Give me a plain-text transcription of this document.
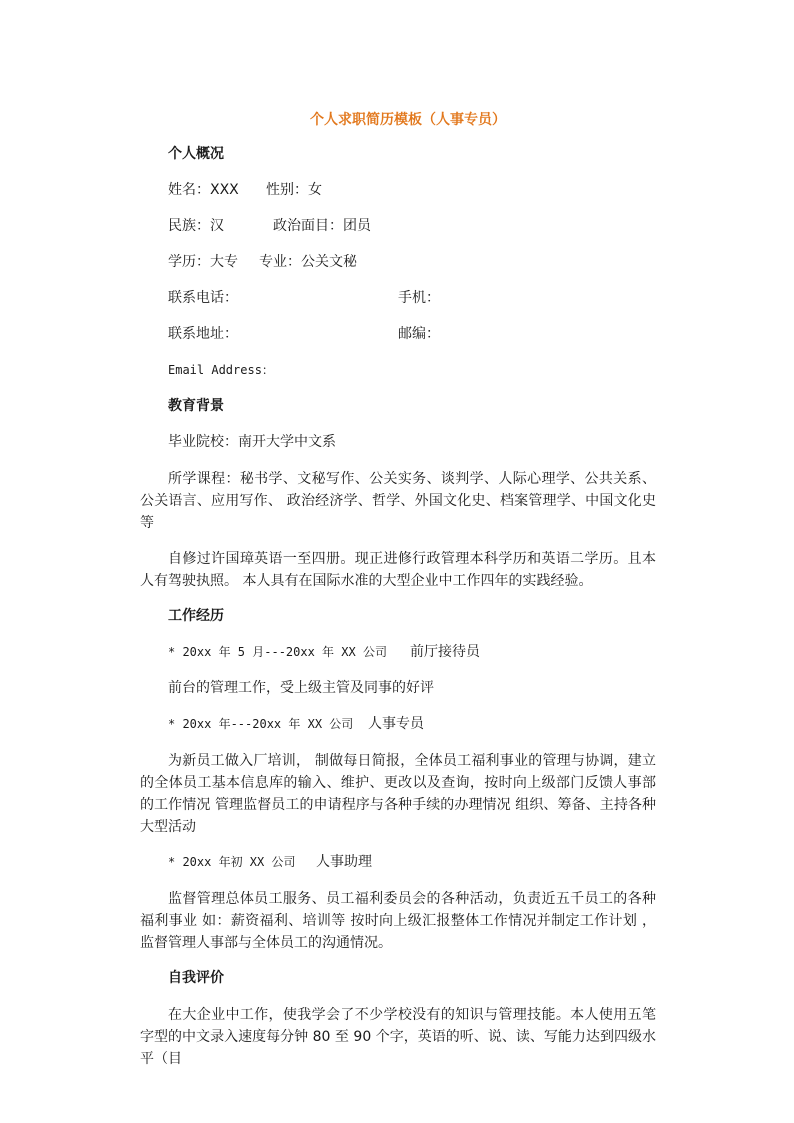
个人求职简历模板（人事专员）
个人概况
姓名：XXX 性别：女
民族：汉	政治面目：团员
学历：大专 专业：公关文秘
联系电话：	手机：
联系地址：	邮编：
Email Address：
教育背景
毕业院校：南开大学中文系
所学课程：秘书学、文秘写作、公关实务、谈判学、人际心理学、公共关系、公关语言、应用写作、 政治经济学、哲学、外国文化史、档案管理学、中国文化史等
自修过许国璋英语一至四册。现正进修行政管理本科学历和英语二学历。且本人有驾驶执照。 本人具有在国际水准的大型企业中工作四年的实践经验。
工作经历
* 20xx 年 5 月---20xx 年 XX 公司 前厅接待员
前台的管理工作，受上级主管及同事的好评
* 20xx 年---20xx 年 XX 公司 人事专员
为新员工做入厂培训， 制做每日简报，全体员工福利事业的管理与协调，建立的全体员工基本信息库的输入、维护、更改以及查询，按时向上级部门反馈人事部的工作情况 管理监督员工的申请程序与各种手续的办理情况 组织、筹备、主持各种大型活动
* 20xx 年初 XX 公司 人事助理
监督管理总体员工服务、员工福利委员会的各种活动，负责近五千员工的各种福利事业 如：薪资福利、培训等 按时向上级汇报整体工作情况并制定工作计划 ，监督管理人事部与全体员工的沟通情况。
自我评价
在大企业中工作，使我学会了不少学校没有的知识与管理技能。本人使用五笔字型的中文录入速度每分钟 80 至 90 个字，英语的听、说、读、写能力达到四级水平（目
